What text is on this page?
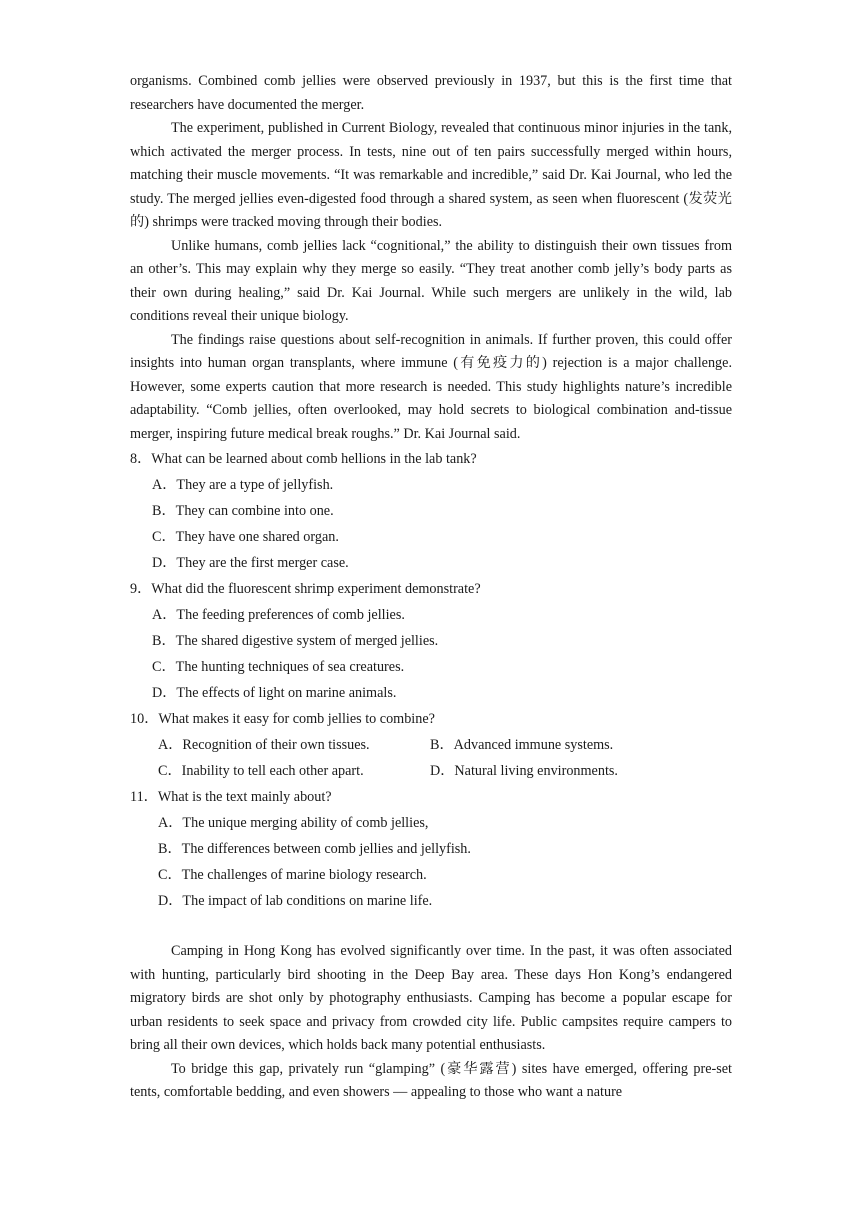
organisms. Combined comb jellies were observed previously in 1937, but this is the first time that researchers have documented the merger.

The experiment, published in Current Biology, revealed that continuous minor injuries in the tank, which activated the merger process. In tests, nine out of ten pairs successfully merged within hours, matching their muscle movements. “It was remarkable and incredible,” said Dr. Kai Journal, who led the study. The merged jellies even-digested food through a shared system, as seen when fluorescent (发荧光的) shrimps were tracked moving through their bodies.

Unlike humans, comb jellies lack “cognitional,” the ability to distinguish their own tissues from an other’s. This may explain why they merge so easily. “They treat another comb jelly’s body parts as their own during healing,” said Dr. Kai Journal. While such mergers are unlikely in the wild, lab conditions reveal their unique biology.

The findings raise questions about self-recognition in animals. If further proven, this could offer insights into human organ transplants, where immune (有免疫力的) rejection is a major challenge. However, some experts caution that more research is needed. This study highlights nature’s incredible adaptability. “Comb jellies, often overlooked, may hold secrets to biological combination and-tissue merger, inspiring future medical break roughs.” Dr. Kai Journal said.

8．What can be learned about comb hellions in the lab tank?

A．They are a type of jellyfish.

B．They can combine into one.

C．They have one shared organ.

D．They are the first merger case.

9．What did the fluorescent shrimp experiment demonstrate?

A．The feeding preferences of comb jellies.

B．The shared digestive system of merged jellies.

C．The hunting techniques of sea creatures.

D．The effects of light on marine animals.

10．What makes it easy for comb jellies to combine?

A．Recognition of their own tissues.	B．Advanced immune systems.

C．Inability to tell each other apart.	D．Natural living environments.

11．What is the text mainly about?

A．The unique merging ability of comb jellies,

B．The differences between comb jellies and jellyfish.

C．The challenges of marine biology research.

D．The impact of lab conditions on marine life.

Camping in Hong Kong has evolved significantly over time. In the past, it was often associated with hunting, particularly bird shooting in the Deep Bay area. These days Hon Kong’s endangered migratory birds are shot only by photography enthusiasts. Camping has become a popular escape for urban residents to seek space and privacy from crowded city life. Public campsites require campers to bring all their own devices, which holds back many potential enthusiasts.

To bridge this gap, privately run “glamping” (豪华露营) sites have emerged, offering pre-set tents, comfortable bedding, and even showers — appealing to those who want a nature
